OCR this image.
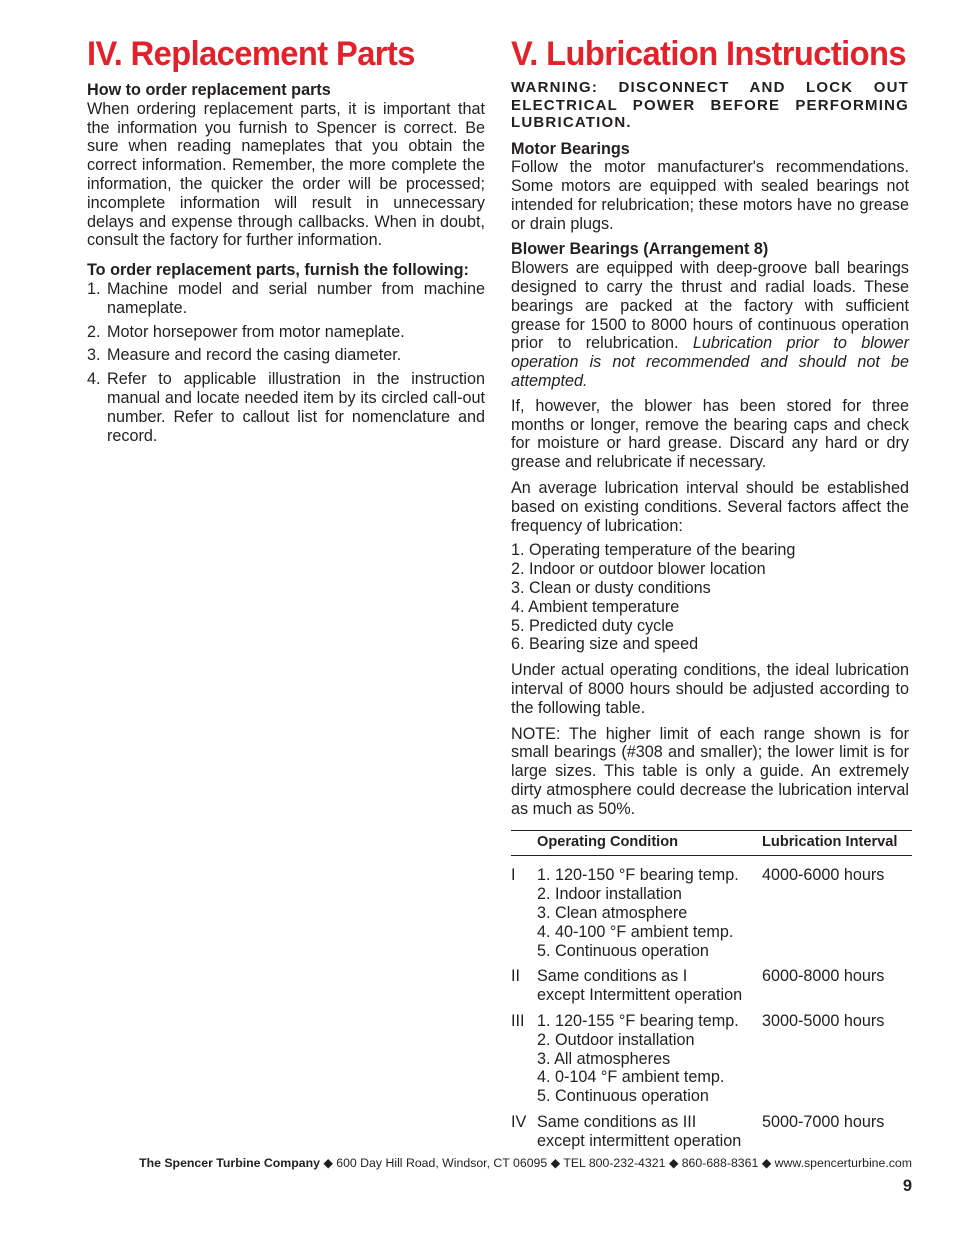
IV. Replacement Parts
How to order replacement parts

When ordering replacement parts, it is important that the information you furnish to Spencer is correct. Be sure when reading nameplates that you obtain the correct information. Remember, the more complete the information, the quicker the order will be processed; incomplete information will result in unnecessary delays and expense through callbacks. When in doubt, consult the factory for further information.

To order replacement parts, furnish the following:
1. Machine model and serial number from machine nameplate.
2. Motor horsepower from motor nameplate.
3. Measure and record the casing diameter.
4. Refer to applicable illustration in the instruction manual and locate needed item by its circled call-out number. Refer to callout list for nomenclature and record.
V. Lubrication Instructions

WARNING: DISCONNECT AND LOCK OUT ELECTRICAL POWER BEFORE PERFORMING LUBRICATION.

Motor Bearings

Follow the motor manufacturer's recommendations. Some motors are equipped with sealed bearings not intended for relubrication; these motors have no grease or drain plugs.

Blower Bearings (Arrangement 8)

Blowers are equipped with deep-groove ball bearings designed to carry the thrust and radial loads. These bearings are packed at the factory with sufficient grease for 1500 to 8000 hours of continuous operation prior to relubrication. Lubrication prior to blower operation is not recommended and should not be attempted.

If, however, the blower has been stored for three months or longer, remove the bearing caps and check for moisture or hard grease. Discard any hard or dry grease and relubricate if necessary.

An average lubrication interval should be established based on existing conditions. Several factors affect the frequency of lubrication:

1. Operating temperature of the bearing
2. Indoor or outdoor blower location
3. Clean or dusty conditions
4. Ambient temperature
5. Predicted duty cycle
6. Bearing size and speed

Under actual operating conditions, the ideal lubrication interval of 8000 hours should be adjusted according to the following table.

NOTE: The higher limit of each range shown is for small bearings (#308 and smaller); the lower limit is for large sizes. This table is only a guide. An extremely dirty atmosphere could decrease the lubrication interval as much as 50%.

	Operating Condition	Lubrication Interval
I	1. 120-150 °F bearing temp.
2. Indoor installation
3. Clean atmosphere
4. 40-100 °F ambient temp.
5. Continuous operation	4000-6000 hours
II	Same conditions as I
except Intermittent operation	6000-8000 hours
III	1. 120-155 °F bearing temp.
2. Outdoor installation
3. All atmospheres
4. 0-104 °F ambient temp.
5. Continuous operation	3000-5000 hours
IV	Same conditions as III
except intermittent operation	5000-7000 hours
The Spencer Turbine Company ◆ 600 Day Hill Road, Windsor, CT 06095 ◆ TEL 800-232-4321 ◆ 860-688-8361 ◆ www.spencerturbine.com
9
